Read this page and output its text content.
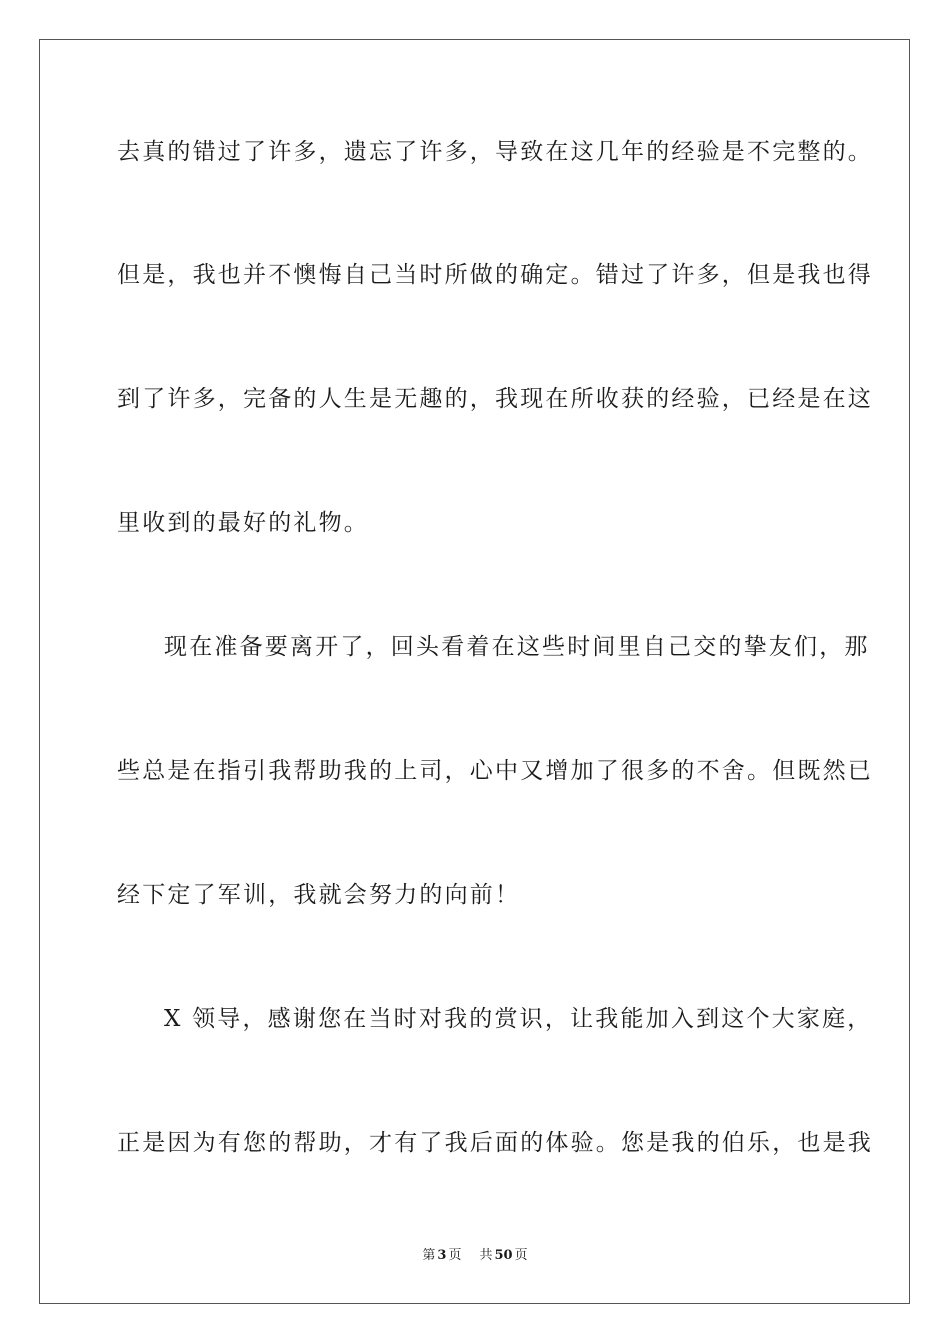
去真的错过了许多，遗忘了许多，导致在这几年的经验是不完整的。
但是，我也并不懊悔自己当时所做的确定。错过了许多，但是我也得
到了许多，完备的人生是无趣的，我现在所收获的经验，已经是在这
里收到的最好的礼物。
现在准备要离开了，回头看着在这些时间里自己交的挚友们，那
些总是在指引我帮助我的上司，心中又增加了很多的不舍。但既然已
经下定了军训，我就会努力的向前！
X 领导，感谢您在当时对我的赏识，让我能加入到这个大家庭，
正是因为有您的帮助，才有了我后面的体验。您是我的伯乐，也是我
第 3 页 共 50 页
